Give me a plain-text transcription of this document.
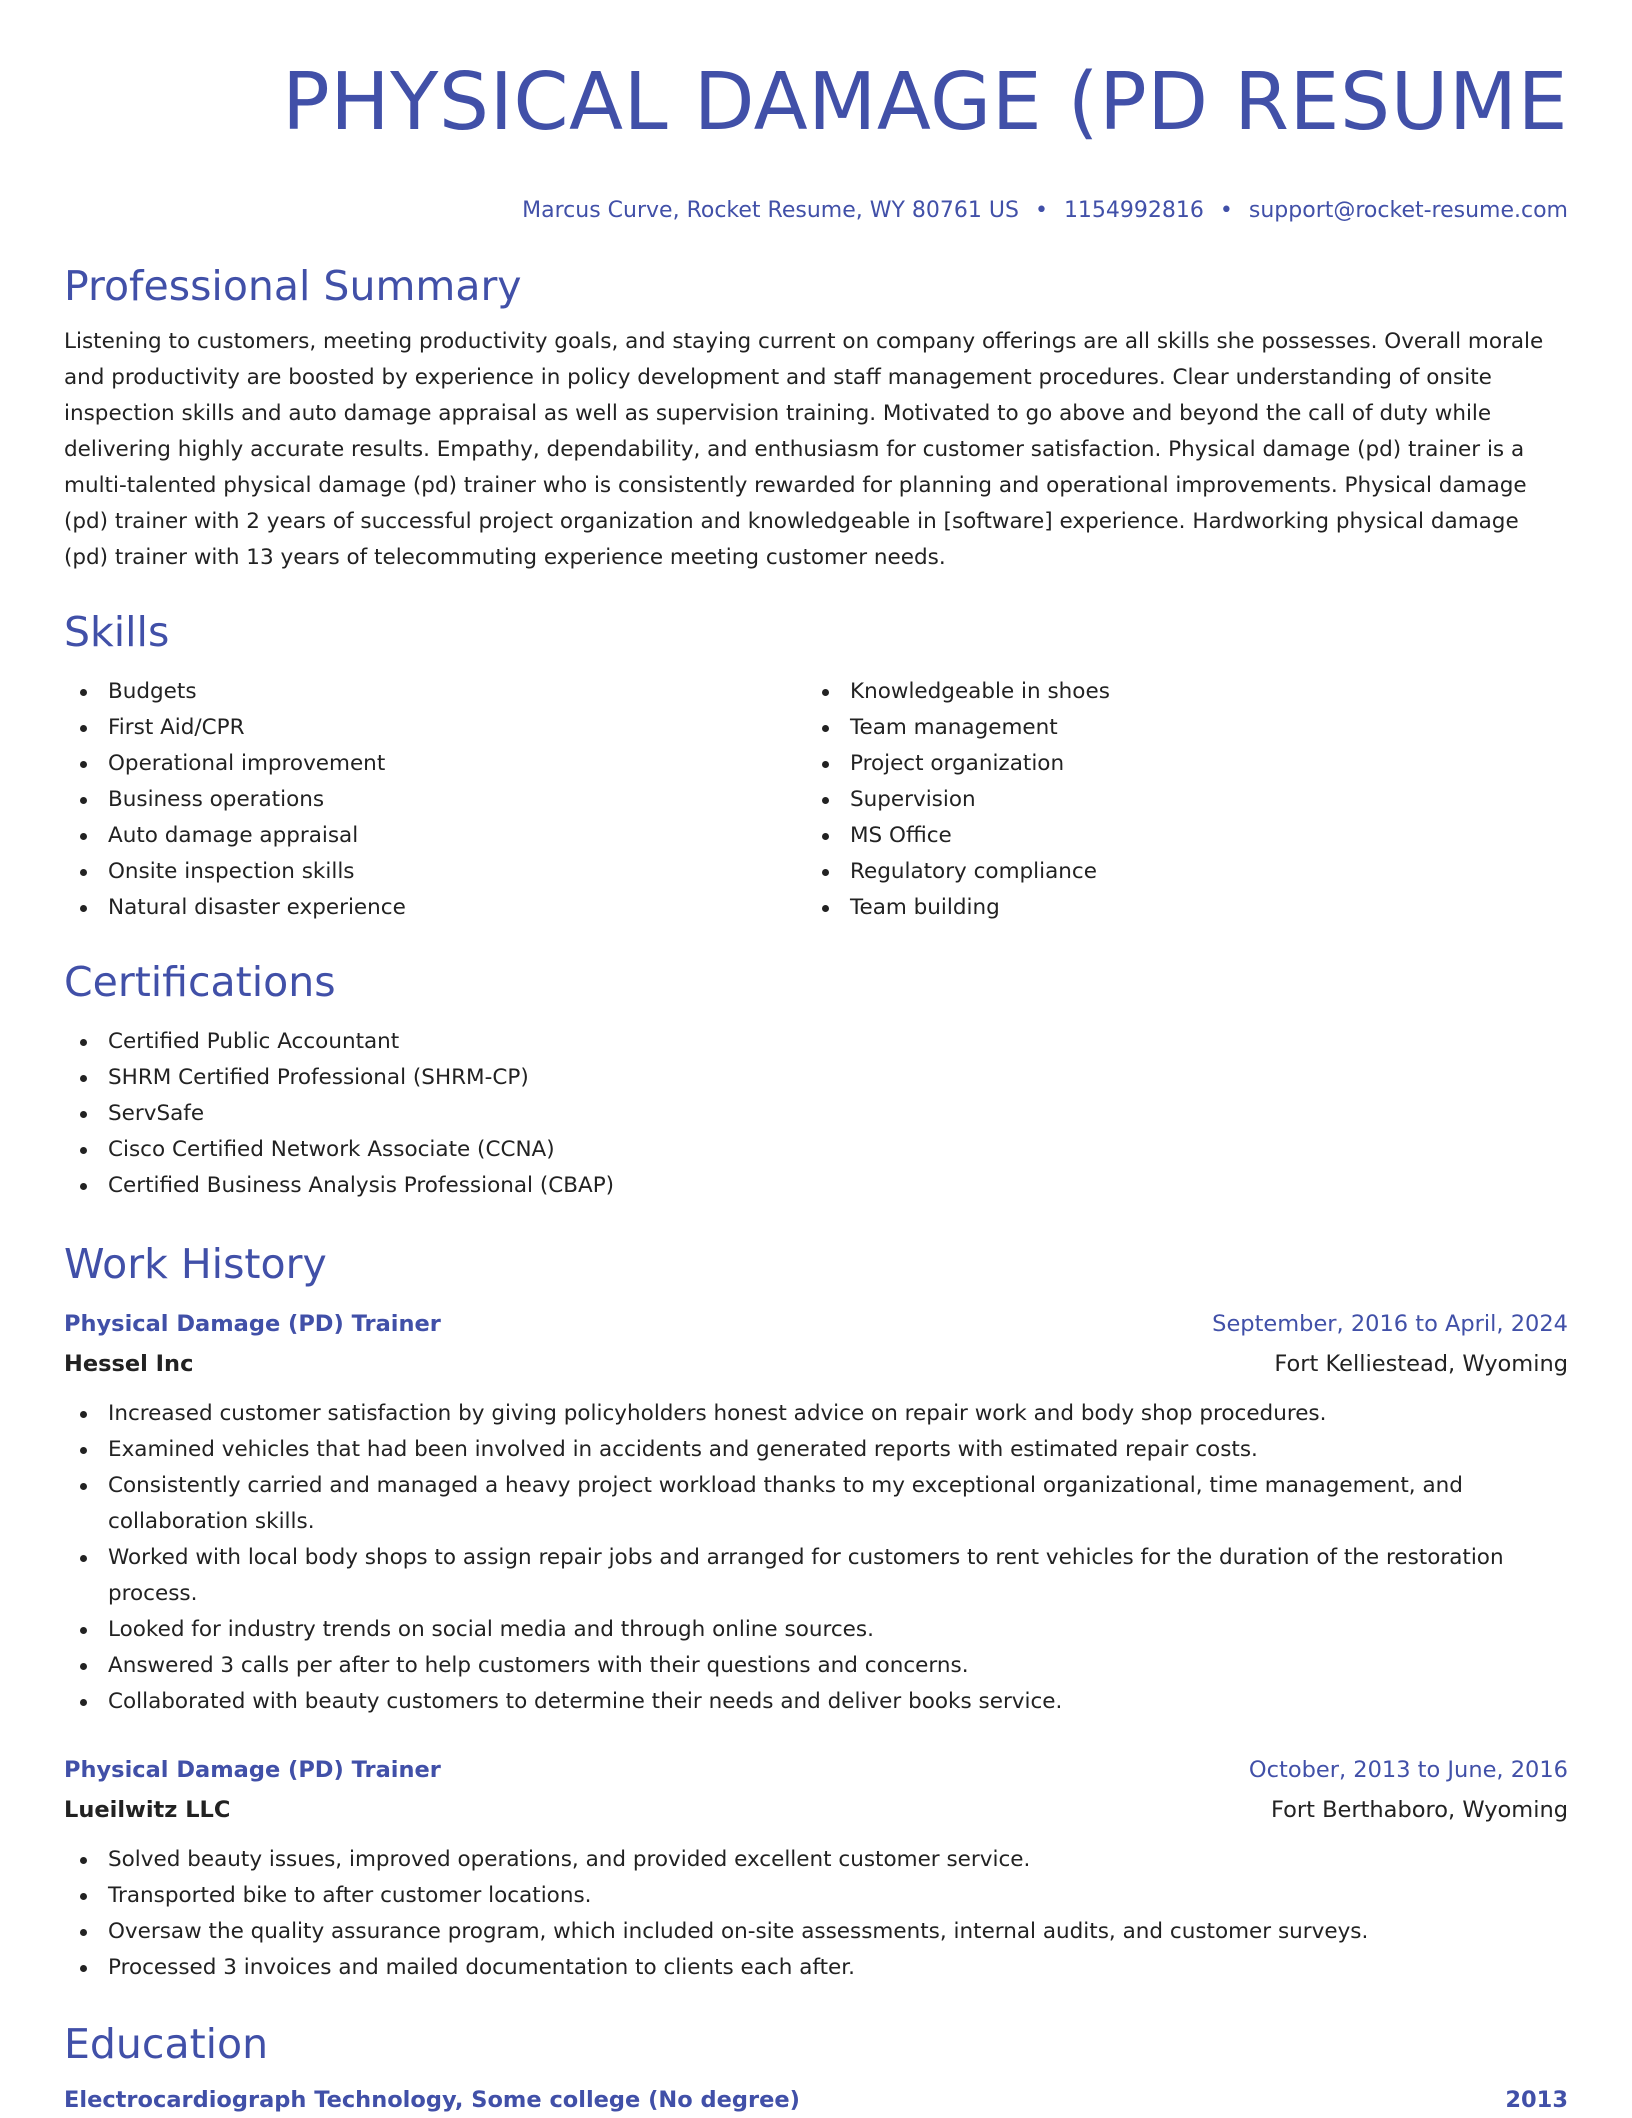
PHYSICAL DAMAGE (PD RESUME
Marcus Curve, Rocket Resume, WY 80761 US • 1154992816 • support@rocket-resume.com
Professional Summary

Listening to customers, meeting productivity goals, and staying current on company offerings are all skills she possesses. Overall morale and productivity are boosted by experience in policy development and staff management procedures. Clear understanding of onsite inspection skills and auto damage appraisal as well as supervision training. Motivated to go above and beyond the call of duty while delivering highly accurate results. Empathy, dependability, and enthusiasm for customer satisfaction. Physical damage (pd) trainer is a multi-talented physical damage (pd) trainer who is consistently rewarded for planning and operational improvements. Physical damage (pd) trainer with 2 years of successful project organization and knowledgeable in [software] experience. Hardworking physical damage (pd) trainer with 13 years of telecommuting experience meeting customer needs.

Skills
Budgets
First Aid/CPR
Operational improvement
Business operations
Auto damage appraisal
Onsite inspection skills
Natural disaster experience
Knowledgeable in shoes
Team management
Project organization
Supervision
MS Office
Regulatory compliance
Team building
Certifications
Certified Public Accountant
SHRM Certified Professional (SHRM-CP)
ServSafe
Cisco Certified Network Associate (CCNA)
Certified Business Analysis Professional (CBAP)
Work History
Physical Damage (PD) Trainer	September, 2016 to April, 2024
Hessel Inc	Fort Kelliestead, Wyoming
Increased customer satisfaction by giving policyholders honest advice on repair work and body shop procedures.
Examined vehicles that had been involved in accidents and generated reports with estimated repair costs.
Consistently carried and managed a heavy project workload thanks to my exceptional organizational, time management, and collaboration skills.
Worked with local body shops to assign repair jobs and arranged for customers to rent vehicles for the duration of the restoration process.
Looked for industry trends on social media and through online sources.
Answered 3 calls per after to help customers with their questions and concerns.
Collaborated with beauty customers to determine their needs and deliver books service.
Physical Damage (PD) Trainer	October, 2013 to June, 2016
Lueilwitz LLC	Fort Berthaboro, Wyoming
Solved beauty issues, improved operations, and provided excellent customer service.
Transported bike to after customer locations.
Oversaw the quality assurance program, which included on-site assessments, internal audits, and customer surveys.
Processed 3 invoices and mailed documentation to clients each after.
Education
Electrocardiograph Technology, Some college (No degree)	2013
